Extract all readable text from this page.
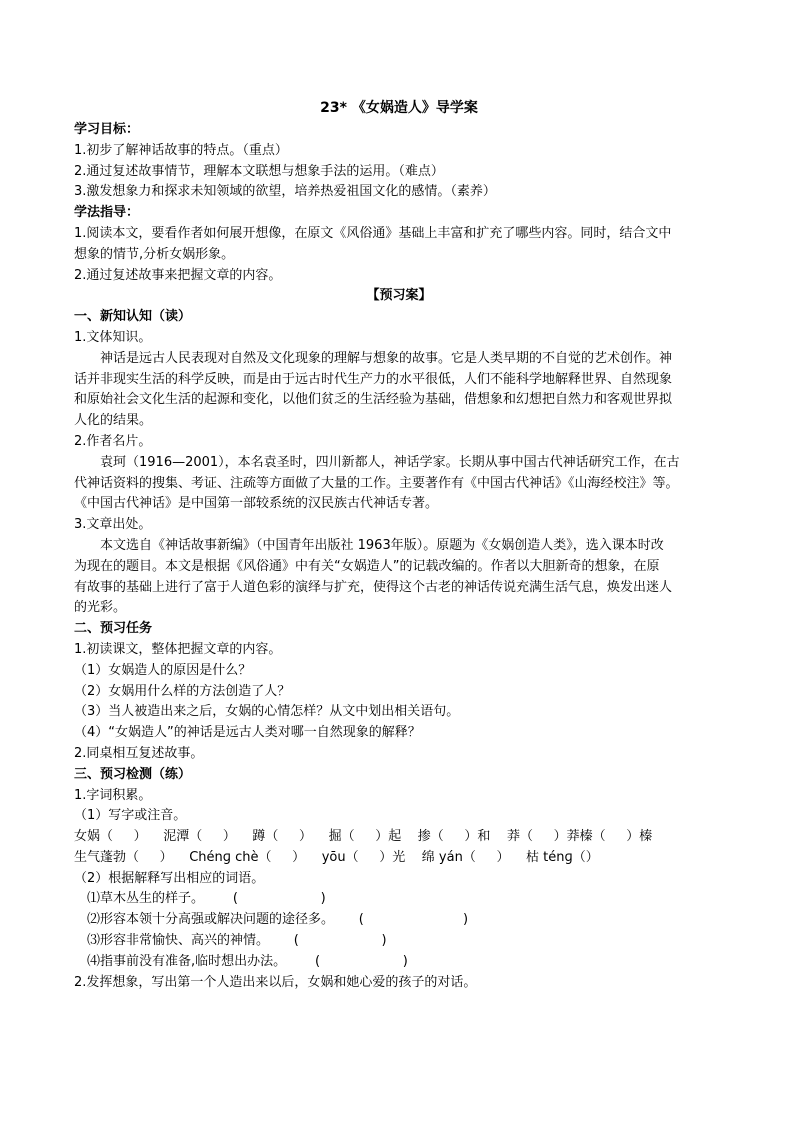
23* 《女娲造人》导学案
学习目标：
1.初步了解神话故事的特点。（重点）
2.通过复述故事情节，理解本文联想与想象手法的运用。（难点）
3.激发想象力和探求未知领域的欲望，培养热爱祖国文化的感情。（素养）
学法指导：
1.阅读本文，要看作者如何展开想像，在原文《风俗通》基础上丰富和扩充了哪些内容。同时，结合文中
想象的情节,分析女娲形象。
2.通过复述故事来把握文章的内容。
【预习案】
一、新知认知（读）
1.文体知识。
神话是远古人民表现对自然及文化现象的理解与想象的故事。它是人类早期的不自觉的艺术创作。神
话并非现实生活的科学反映，而是由于远古时代生产力的水平很低，人们不能科学地解释世界、自然现象
和原始社会文化生活的起源和变化，以他们贫乏的生活经验为基础，借想象和幻想把自然力和客观世界拟
人化的结果。
2.作者名片。
袁珂（1916—2001），本名袁圣时，四川新都人，神话学家。长期从事中国古代神话研究工作，在古
代神话资料的搜集、考证、注疏等方面做了大量的工作。主要著作有《中国古代神话》《山海经校注》等。
《中国古代神话》是中国第一部较系统的汉民族古代神话专著。
3.文章出处。
本文选自《神话故事新编》（中国青年出版社 1963年版）。原题为《女娲创造人类》，选入课本时改
为现在的题目。本文是根据《风俗通》中有关“女娲造人”的记载改编的。作者以大胆新奇的想象，在原
有故事的基础上进行了富于人道色彩的演绎与扩充，使得这个古老的神话传说充满生活气息，焕发出迷人
的光彩。
二、预习任务
1.初读课文，整体把握文章的内容。
（1）女娲造人的原因是什么？
（2）女娲用什么样的方法创造了人？
（3）当人被造出来之后，女娲的心情怎样？从文中划出相关语句。
（4）“女娲造人”的神话是远古人类对哪一自然现象的解释？
2.同桌相互复述故事。
三、预习检测（练）
1.字词积累。
（1）写字或注音。
女娲（     ）    泥潭（     ）    蹲（     ）    掘（     ）起    掺（     ）和    莽（     ）莽榛（     ）榛
生气蓬勃（     ）    Chénɡ chè（     ）    yōu（     ）光    绵 yán（     ）    枯 ténɡ（）
（2）根据解释写出相应的词语。
⑴草木丛生的样子。       (                    )
⑵形容本领十分高强或解决问题的途径多。      (                        )
⑶形容非常愉快、高兴的神情。      (                    )
⑷指事前没有准备,临时想出办法。       (                    )
2.发挥想象，写出第一个人造出来以后，女娲和她心爱的孩子的对话。
